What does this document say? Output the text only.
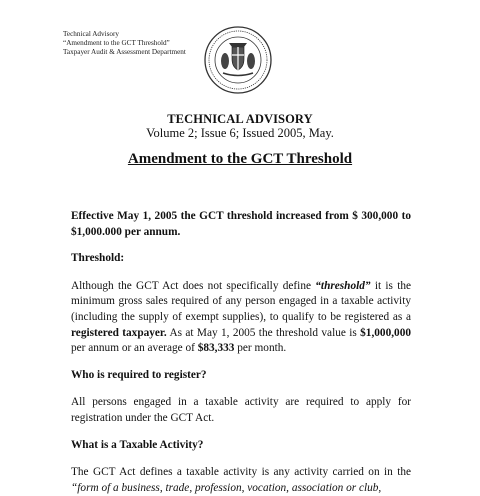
Technical Advisory
“Amendment to the GCT Threshold”
Taxpayer Audit & Assessment Department
TECHNICAL ADVISORY
Volume 2; Issue 6; Issued 2005, May.
Amendment to the GCT Threshold

Effective May 1, 2005 the GCT threshold increased from $ 300,000 to $1,000.000 per annum.

Threshold:

Although the GCT Act does not specifically define “threshold” it is the minimum gross sales required of any person engaged in a taxable activity (including the supply of exempt supplies), to qualify to be registered as a registered taxpayer. As at May 1, 2005 the threshold value is $1,000,000 per annum or an average of $83,333 per month.

Who is required to register?

All persons engaged in a taxable activity are required to apply for registration under the GCT Act.

What is a Taxable Activity?

The GCT Act defines a taxable activity is any activity carried on in the “form of a business, trade, profession, vocation, association or club,
